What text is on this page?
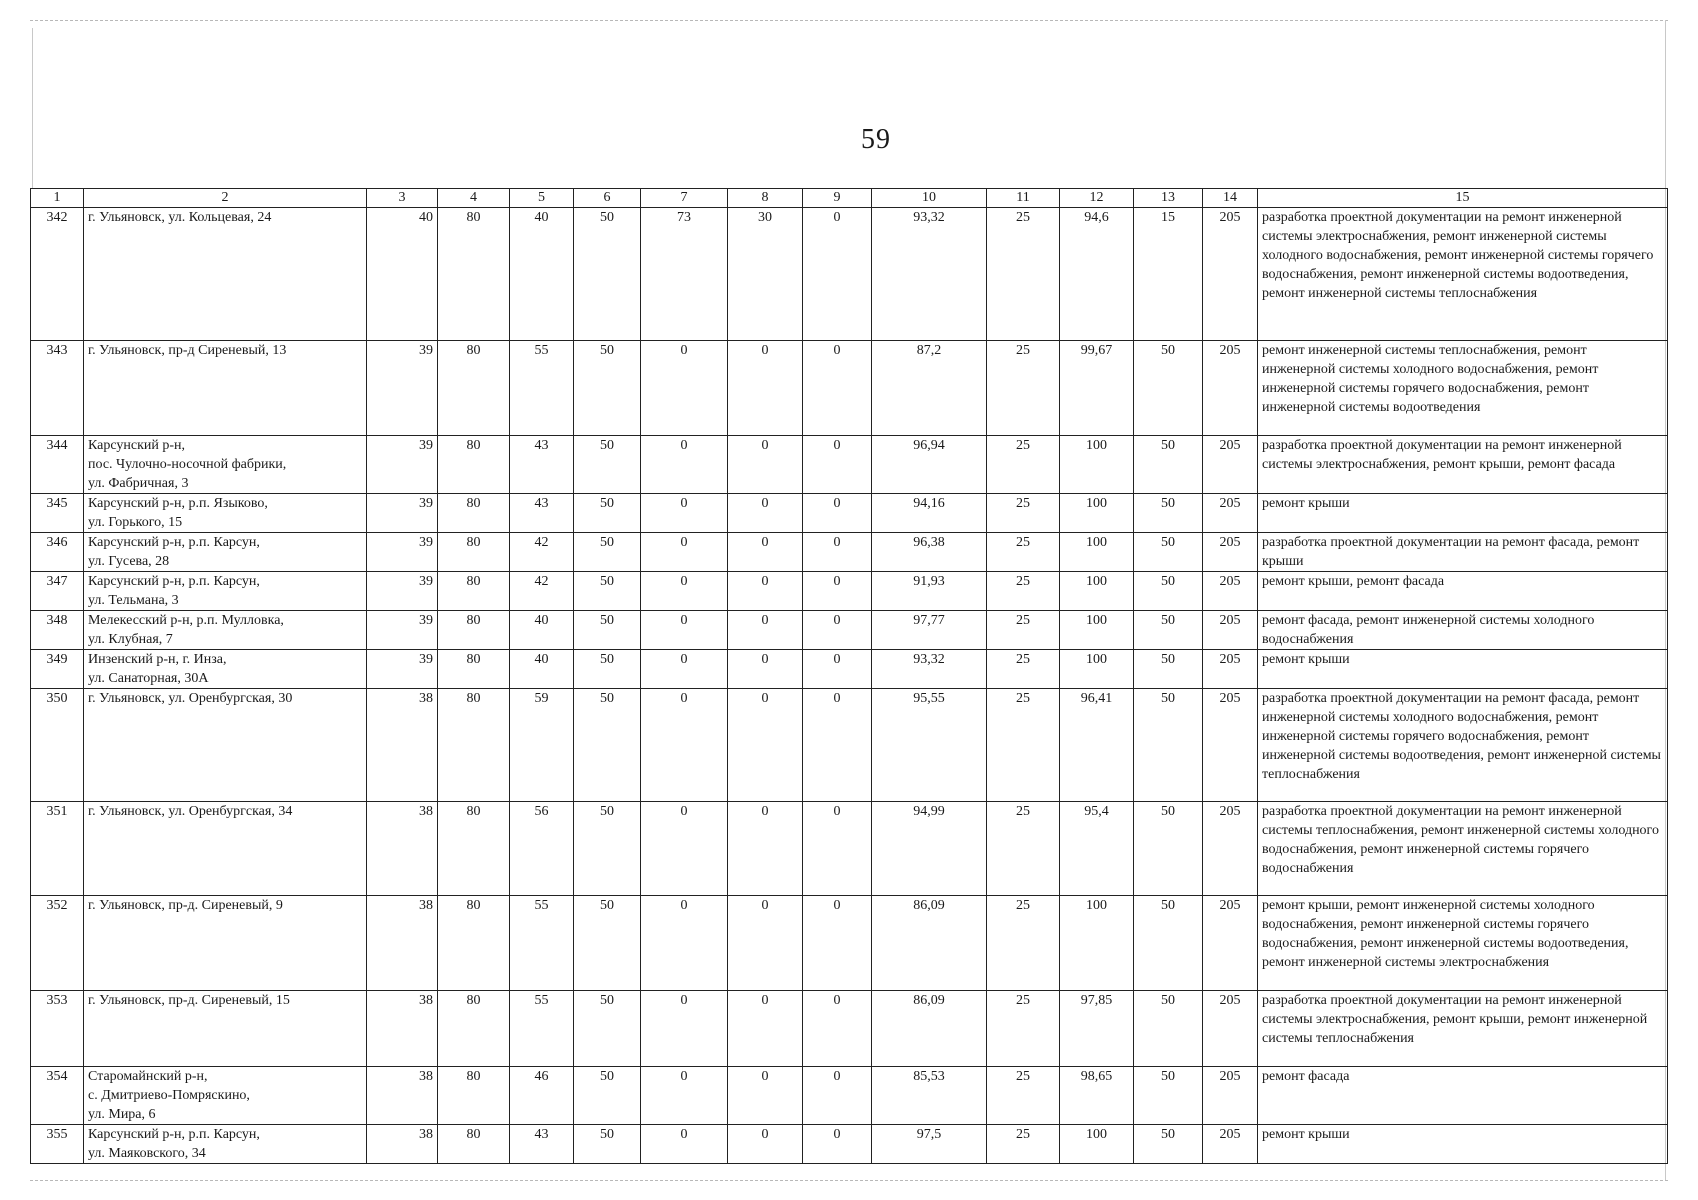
59
1	2	3	4	5	6	7	8	9	10	11	12	13	14	15
342	г. Ульяновск, ул. Кольцевая, 24	40	80	40	50	73	30	0	93,32	25	94,6	15	205	разработка проектной документации на ремонт инженерной системы электроснабжения, ремонт инженерной системы холодного водоснабжения, ремонт инженерной системы горячего водоснабжения, ремонт инженерной системы водоотведения, ремонт инженерной системы теплоснабжения
343	г. Ульяновск, пр-д Сиреневый, 13	39	80	55	50	0	0	0	87,2	25	99,67	50	205	ремонт инженерной системы теплоснабжения, ремонт инженерной системы холодного водоснабжения, ремонт инженерной системы горячего водоснабжения, ремонт инженерной системы водоотведения
344	Карсунский р-н,
пос. Чулочно-носочной фабрики,
ул. Фабричная, 3	39	80	43	50	0	0	0	96,94	25	100	50	205	разработка проектной документации на ремонт инженерной системы электроснабжения, ремонт крыши, ремонт фасада
345	Карсунский р-н, р.п. Языково,
ул. Горького, 15	39	80	43	50	0	0	0	94,16	25	100	50	205	ремонт крыши
346	Карсунский р-н, р.п. Карсун,
ул. Гусева, 28	39	80	42	50	0	0	0	96,38	25	100	50	205	разработка проектной документации на ремонт фасада, ремонт крыши
347	Карсунский р-н, р.п. Карсун,
ул. Тельмана, 3	39	80	42	50	0	0	0	91,93	25	100	50	205	ремонт крыши, ремонт фасада
348	Мелекесский р-н, р.п. Мулловка,
ул. Клубная, 7	39	80	40	50	0	0	0	97,77	25	100	50	205	ремонт фасада, ремонт инженерной системы холодного водоснабжения
349	Инзенский р-н, г. Инза,
ул. Санаторная, 30А	39	80	40	50	0	0	0	93,32	25	100	50	205	ремонт крыши
350	г. Ульяновск, ул. Оренбургская, 30	38	80	59	50	0	0	0	95,55	25	96,41	50	205	разработка проектной документации на ремонт фасада, ремонт инженерной системы холодного водоснабжения, ремонт инженерной системы горячего водоснабжения, ремонт инженерной системы водоотведения, ремонт инженерной системы теплоснабжения
351	г. Ульяновск, ул. Оренбургская, 34	38	80	56	50	0	0	0	94,99	25	95,4	50	205	разработка проектной документации на ремонт инженерной системы теплоснабжения, ремонт инженерной системы холодного водоснабжения, ремонт инженерной системы горячего водоснабжения
352	г. Ульяновск, пр-д. Сиреневый, 9	38	80	55	50	0	0	0	86,09	25	100	50	205	ремонт крыши, ремонт инженерной системы холодного водоснабжения, ремонт инженерной системы горячего водоснабжения, ремонт инженерной системы водоотведения, ремонт инженерной системы электроснабжения
353	г. Ульяновск, пр-д. Сиреневый, 15	38	80	55	50	0	0	0	86,09	25	97,85	50	205	разработка проектной документации на ремонт инженерной системы электроснабжения, ремонт крыши, ремонт инженерной системы теплоснабжения
354	Старомайнский р-н,
с. Дмитриево-Помряскино,
ул. Мира, 6	38	80	46	50	0	0	0	85,53	25	98,65	50	205	ремонт фасада
355	Карсунский р-н, р.п. Карсун,
ул. Маяковского, 34	38	80	43	50	0	0	0	97,5	25	100	50	205	ремонт крыши
